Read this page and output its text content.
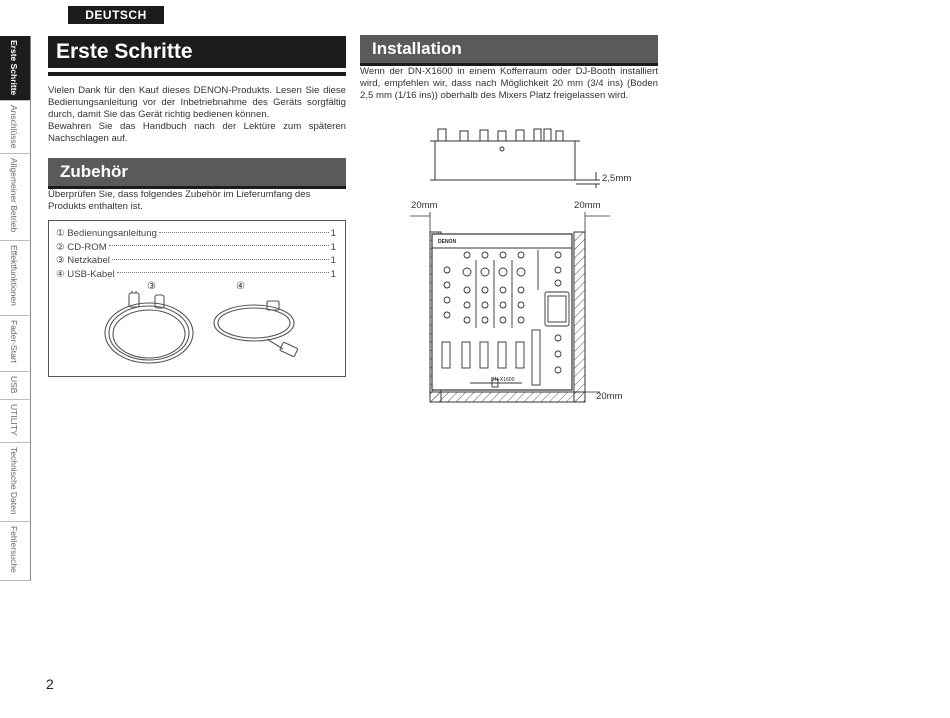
DEUTSCH
Erste Schritte
Anschlüsse
Allgemeiner Betrieb
Effektfunktionen
Fader-Start
USB
UTILITY
Technische Daten
Fehlersuche
Erste Schritte

Vielen Dank für den Kauf dieses DENON-Produkts. Lesen Sie diese Bedienungsanleitung vor der Inbetriebnahme des Geräts sorgfältig durch, damit Sie das Gerät richtig bedienen können.

Bewahren Sie das Handbuch nach der Lektüre zum späteren Nachschlagen auf.

Zubehör

Überprüfen Sie, dass folgendes Zubehör im Lieferumfang des Produkts enthalten ist.

①
Bedienungsanleitung	1
②
CD-ROM	1
③
Netzkabel	1
④
USB-Kabel	1
③	④
Installation

Wenn der DN-X1600 in einem Kofferraum oder DJ-Booth installiert wird, empfehlen wir, dass nach Möglichkeit 20 mm (3/4 ins) (Boden 2,5 mm (1/16 ins)) oberhalb des Mixers Platz freigelassen wird.

2,5mm
20mm	20mm
DENON
DN-X1600
20mm
2
